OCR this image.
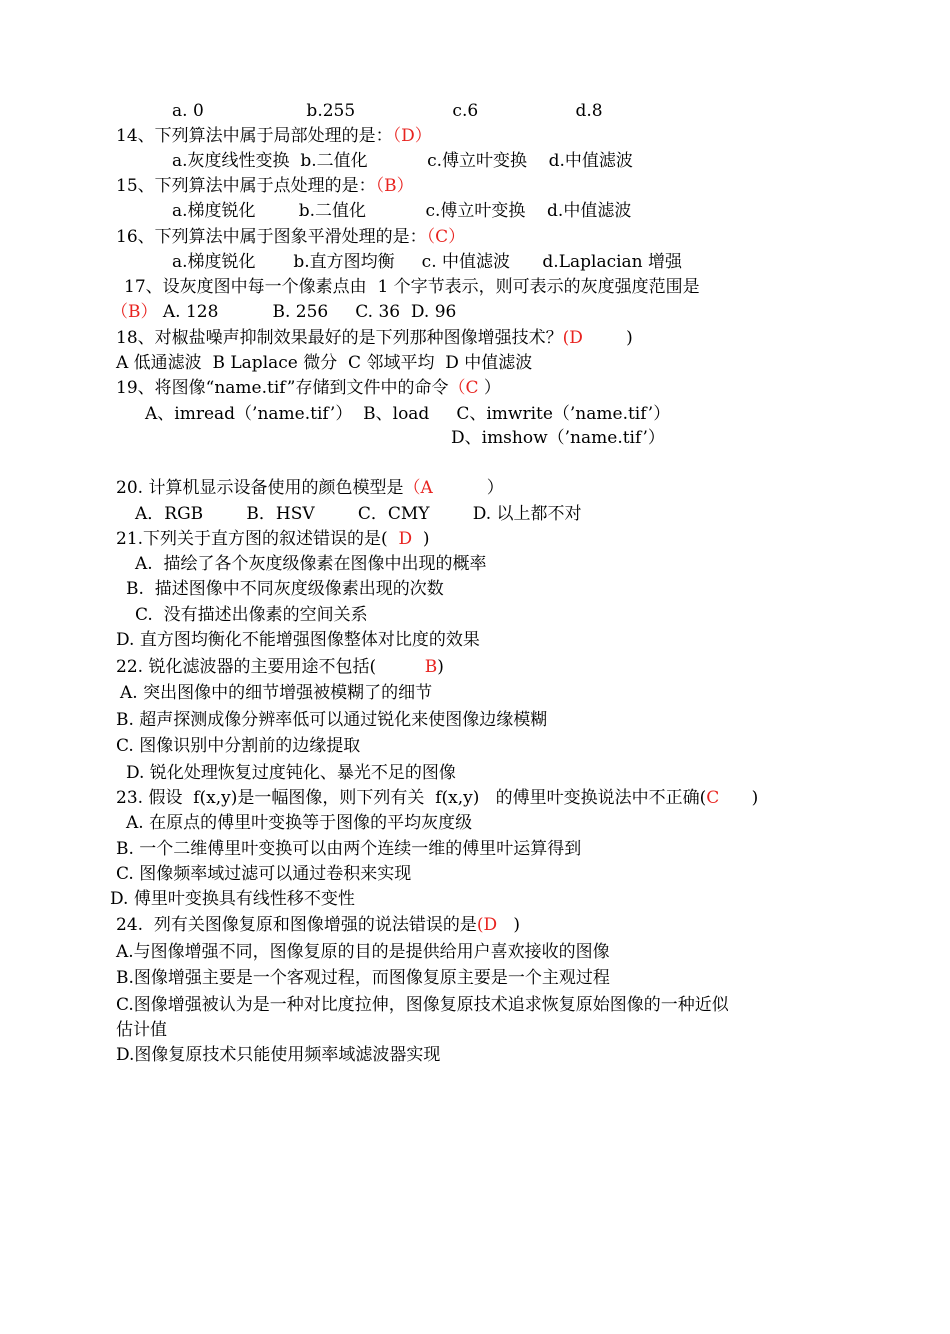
a. 0                   b.255                  c.6                  d.8
14、下列算法中属于局部处理的是：（D）
a.灰度线性变换  b.二值化           c.傅立叶变换    d.中值滤波
15、下列算法中属于点处理的是：（B）
a.梯度锐化        b.二值化           c.傅立叶变换    d.中值滤波
16、下列算法中属于图象平滑处理的是：（C）
a.梯度锐化       b.直方图均衡     c. 中值滤波      d.Laplacian 增强
17、设灰度图中每一个像素点由  1 个字节表示，则可表示的灰度强度范围是
（B） A. 128          B. 256     C. 36  D. 96
18、对椒盐噪声抑制效果最好的是下列那种图像增强技术？(D        )
A 低通滤波  B Laplace 微分  C 邻域平均  D 中值滤波
19、将图像“name.tif”存储到文件中的命令（C ）
A、imread（’name.tif’）  B、load     C、imwrite（’name.tif’）
D、imshow（’name.tif’）
20. 计算机显示设备使用的颜色模型是（A          ）
A．RGB        B．HSV        C．CMY        D. 以上都不对
21.下列关于直方图的叙述错误的是(  D  )
A.  描绘了各个灰度级像素在图像中出现的概率
B.  描述图像中不同灰度级像素出现的次数
C.  没有描述出像素的空间关系
D. 直方图均衡化不能增强图像整体对比度的效果
22. 锐化滤波器的主要用途不包括(         B)
A. 突出图像中的细节增强被模糊了的细节
B. 超声探测成像分辨率低可以通过锐化来使图像边缘模糊
C. 图像识别中分割前的边缘提取
D. 锐化处理恢复过度钝化、暴光不足的图像
23. 假设  f(x,y)是一幅图像，则下列有关  f(x,y)   的傅里叶变换说法中不正确(C      )
A. 在原点的傅里叶变换等于图像的平均灰度级
B. 一个二维傅里叶变换可以由两个连续一维的傅里叶运算得到
C. 图像频率域过滤可以通过卷积来实现
D. 傅里叶变换具有线性移不变性
24.  列有关图像复原和图像增强的说法错误的是(D   )
A.与图像增强不同，图像复原的目的是提供给用户喜欢接收的图像
B.图像增强主要是一个客观过程，而图像复原主要是一个主观过程
C.图像增强被认为是一种对比度拉伸，图像复原技术追求恢复原始图像的一种近似
估计值
D.图像复原技术只能使用频率域滤波器实现
